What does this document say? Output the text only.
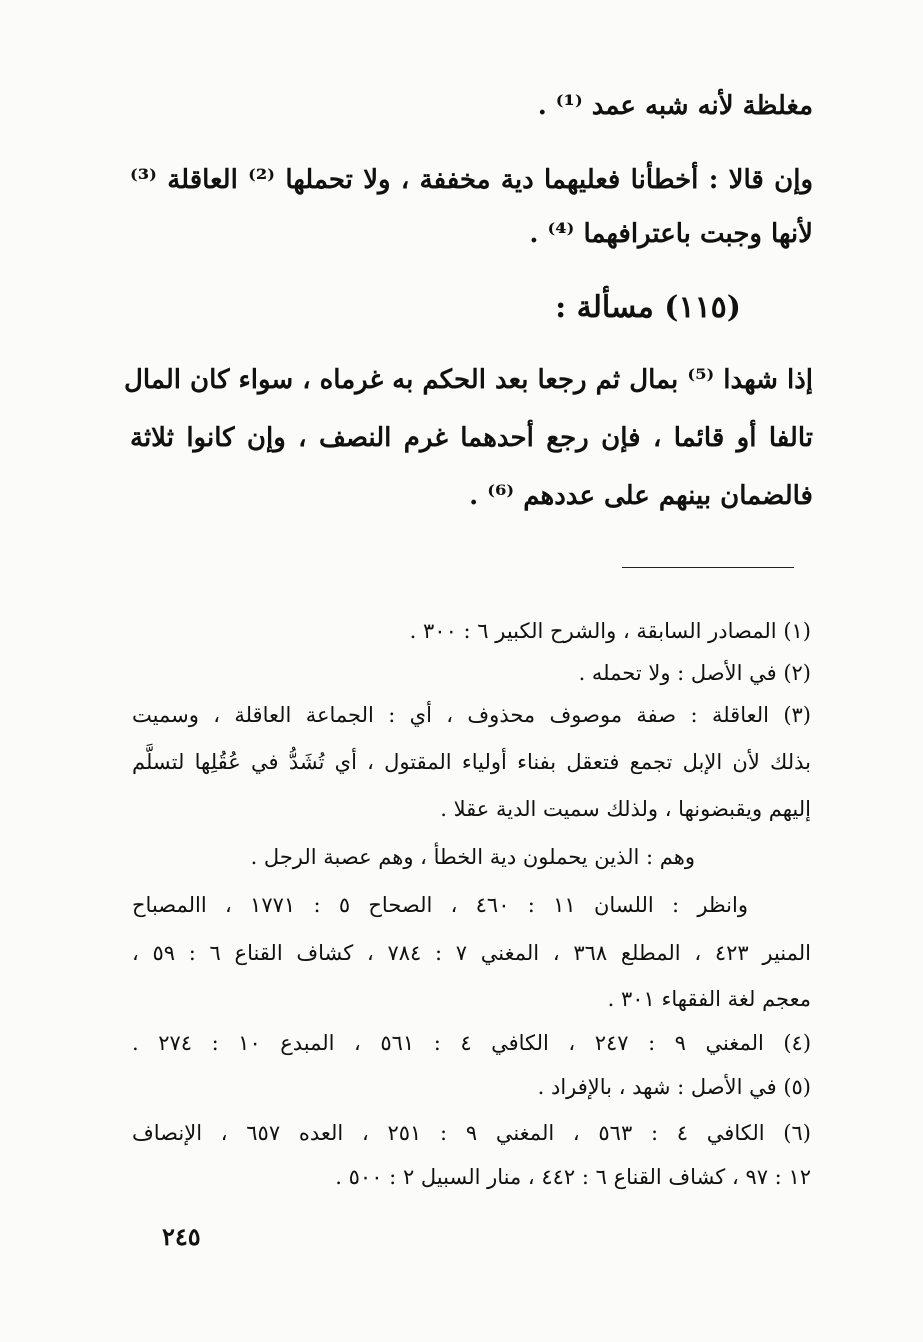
مغلظة لأنه شبه عمد ⁽¹⁾ .
وإن قالا : أخطأنا فعليهما دية مخففة ، ولا تحملها ⁽²⁾ العاقلة ⁽³⁾
لأنها وجبت باعترافهما ⁽⁴⁾ .
(١١٥) مسألة :
إذا شهدا ⁽⁵⁾ بمال ثم رجعا بعد الحكم به غرماه ، سواء كان المال
تالفا أو قائما ، فإن رجع أحدهما غرم النصف ، وإن كانوا ثلاثة
فالضمان بينهم على عددهم ⁽⁶⁾ .
(١) المصادر السابقة ، والشرح الكبير ٦ : ٣٠٠ .
(٢) في الأصل : ولا تحمله .
(٣) العاقلة : صفة موصوف محذوف ، أي : الجماعة العاقلة ، وسميت
بذلك لأن الإبل تجمع فتعقل بفناء أولياء المقتول ، أي تُشَدُّ في عُقُلِها لتسلَّم
إليهم ويقبضونها ، ولذلك سميت الدية عقلا .
وهم : الذين يحملون دية الخطأ ، وهم عصبة الرجل .
وانظر : اللسان ١١ : ٤٦٠ ، الصحاح ٥ : ١٧٧١ ، االمصباح
المنير ٤٢٣ ، المطلع ٣٦٨ ، المغني ٧ : ٧٨٤ ، كشاف القناع ٦ : ٥٩ ،
معجم لغة الفقهاء ٣٠١ .
(٤) المغني ٩ : ٢٤٧ ، الكافي ٤ : ٥٦١ ، المبدع ١٠ : ٢٧٤ .
(٥) في الأصل : شهد ، بالإفراد .
(٦) الكافي ٤ : ٥٦٣ ، المغني ٩ : ٢٥١ ، العده ٦٥٧ ، الإنصاف
١٢ : ٩٧ ، كشاف القناع ٦ : ٤٤٢ ، منار السبيل ٢ : ٥٠٠ .
٢٤٥
